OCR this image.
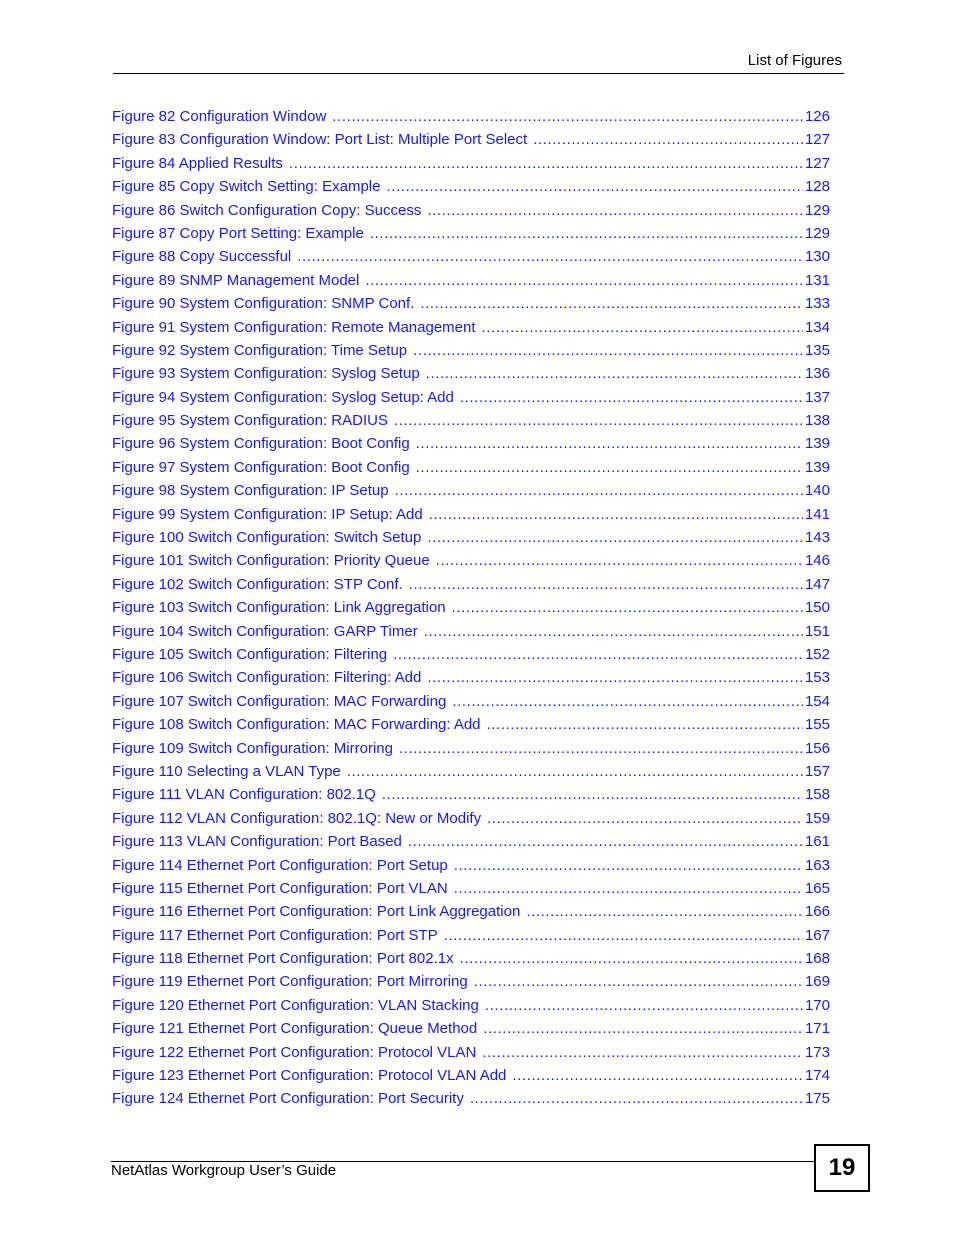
List of Figures
Figure 82 Configuration Window .....	126
Figure 83 Configuration Window: Port List: Multiple Port Select .....	127
Figure 84 Applied Results .....	127
Figure 85 Copy Switch Setting: Example .....	128
Figure 86 Switch Configuration Copy: Success .....	129
Figure 87 Copy Port Setting: Example .....	129
Figure 88 Copy Successful .....	130
Figure 89 SNMP Management Model .....	131
Figure 90 System Configuration: SNMP Conf. .....	133
Figure 91 System Configuration: Remote Management .....	134
Figure 92 System Configuration: Time Setup .....	135
Figure 93 System Configuration: Syslog Setup .....	136
Figure 94 System Configuration: Syslog Setup: Add .....	137
Figure 95 System Configuration: RADIUS .....	138
Figure 96 System Configuration: Boot Config .....	139
Figure 97 System Configuration: Boot Config .....	139
Figure 98 System Configuration: IP Setup .....	140
Figure 99 System Configuration: IP Setup: Add .....	141
Figure 100 Switch Configuration: Switch Setup .....	143
Figure 101 Switch Configuration: Priority Queue .....	146
Figure 102 Switch Configuration: STP Conf. .....	147
Figure 103 Switch Configuration: Link Aggregation .....	150
Figure 104 Switch Configuration: GARP Timer .....	151
Figure 105 Switch Configuration: Filtering .....	152
Figure 106 Switch Configuration: Filtering: Add .....	153
Figure 107 Switch Configuration: MAC Forwarding .....	154
Figure 108 Switch Configuration: MAC Forwarding: Add .....	155
Figure 109 Switch Configuration: Mirroring .....	156
Figure 110 Selecting a VLAN Type .....	157
Figure 111 VLAN Configuration: 802.1Q .....	158
Figure 112 VLAN Configuration: 802.1Q: New or Modify .....	159
Figure 113 VLAN Configuration: Port Based .....	161
Figure 114 Ethernet Port Configuration: Port Setup .....	163
Figure 115 Ethernet Port Configuration: Port VLAN .....	165
Figure 116 Ethernet Port Configuration: Port Link Aggregation .....	166
Figure 117 Ethernet Port Configuration: Port STP .....	167
Figure 118 Ethernet Port Configuration: Port 802.1x .....	168
Figure 119 Ethernet Port Configuration: Port Mirroring .....	169
Figure 120 Ethernet Port Configuration: VLAN Stacking .....	170
Figure 121 Ethernet Port Configuration: Queue Method .....	171
Figure 122 Ethernet Port Configuration: Protocol VLAN .....	173
Figure 123 Ethernet Port Configuration: Protocol VLAN Add .....	174
Figure 124 Ethernet Port Configuration: Port Security .....	175
NetAtlas Workgroup User’s Guide	19
